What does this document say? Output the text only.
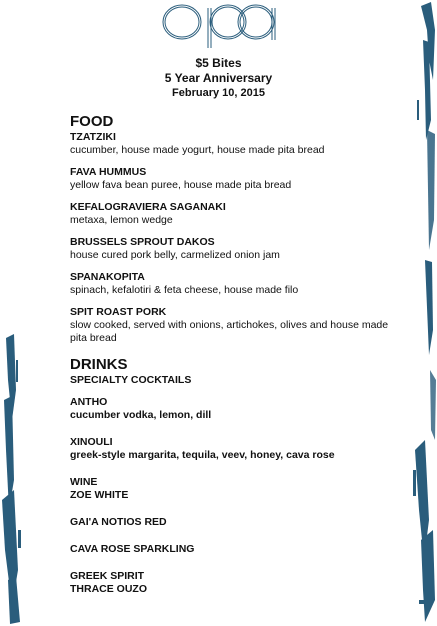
$5 Bites
5 Year Anniversary
February 10, 2015
FOOD
TZATZIKI
cucumber, house made yogurt, house made pita bread
FAVA HUMMUS
yellow fava bean puree, house made pita bread
KEFALOGRAVIERA SAGANAKI
metaxa, lemon wedge
BRUSSELS SPROUT DAKOS
house cured pork belly, carmelized onion jam
SPANAKOPITA
spinach, kefalotiri & feta cheese, house made filo
SPIT ROAST PORK
slow cooked, served with onions, artichokes, olives and house made pita bread
DRINKS
SPECIALTY COCKTAILS
ANTHO
cucumber vodka, lemon, dill
XINOULI
greek-style margarita, tequila, veev, honey, cava rose
WINE
ZOE WHITE
GAI'A NOTIOS RED
CAVA ROSE SPARKLING
GREEK SPIRIT
THRACE OUZO
